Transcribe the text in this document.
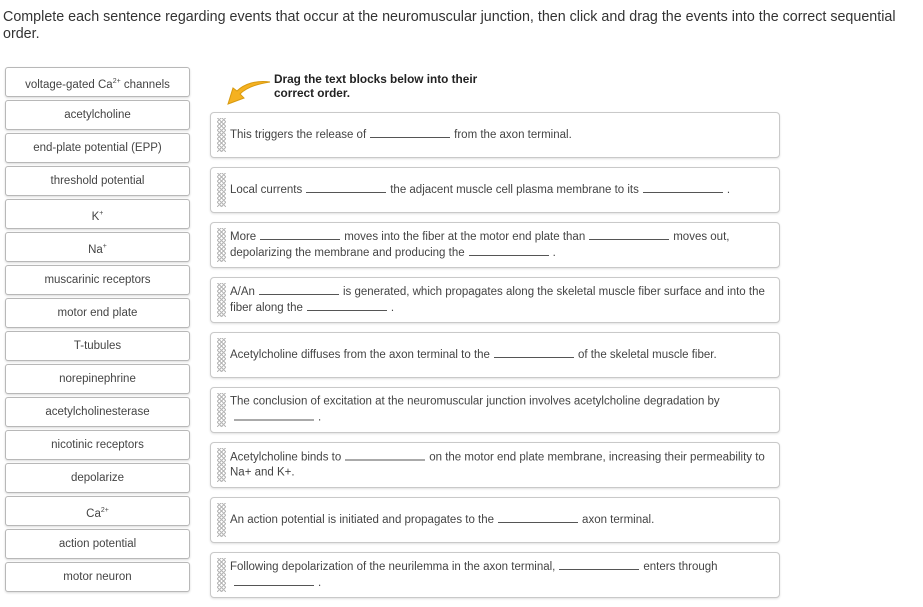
Complete each sentence regarding events that occur at the neuromuscular junction, then click and drag the events into the correct sequential order.
voltage-gated $Ca^{2+}$ channels
acetylcholine
end-plate potential (EPP)
threshold potential
K+
Na+
muscarinic receptors
motor end plate
T-tubules
norepinephrine
acetylcholinesterase
nicotinic receptors
depolarize
$Ca^{2+}$
action potential
motor neuron
Drag the text blocks below into their correct order.
This triggers the release of	from the axon terminal.
Local currents	the adjacent muscle cell plasma membrane to its	.
More	moves into the fiber at the motor end plate than	moves out, depolarizing the membrane and producing the	.
A/An	is generated, which propagates along the skeletal muscle fiber surface and into the fiber along the	.
Acetylcholine diffuses from the axon terminal to the	of the skeletal muscle fiber.
The conclusion of excitation at the neuromuscular junction involves acetylcholine degradation by.
Acetylcholine binds to	on the motor end plate membrane, increasing their permeability to Na+ and K+.
An action potential is initiated and propagates to the	axon terminal.
Following depolarization of the neurilemma in the axon terminal,	enters through.
